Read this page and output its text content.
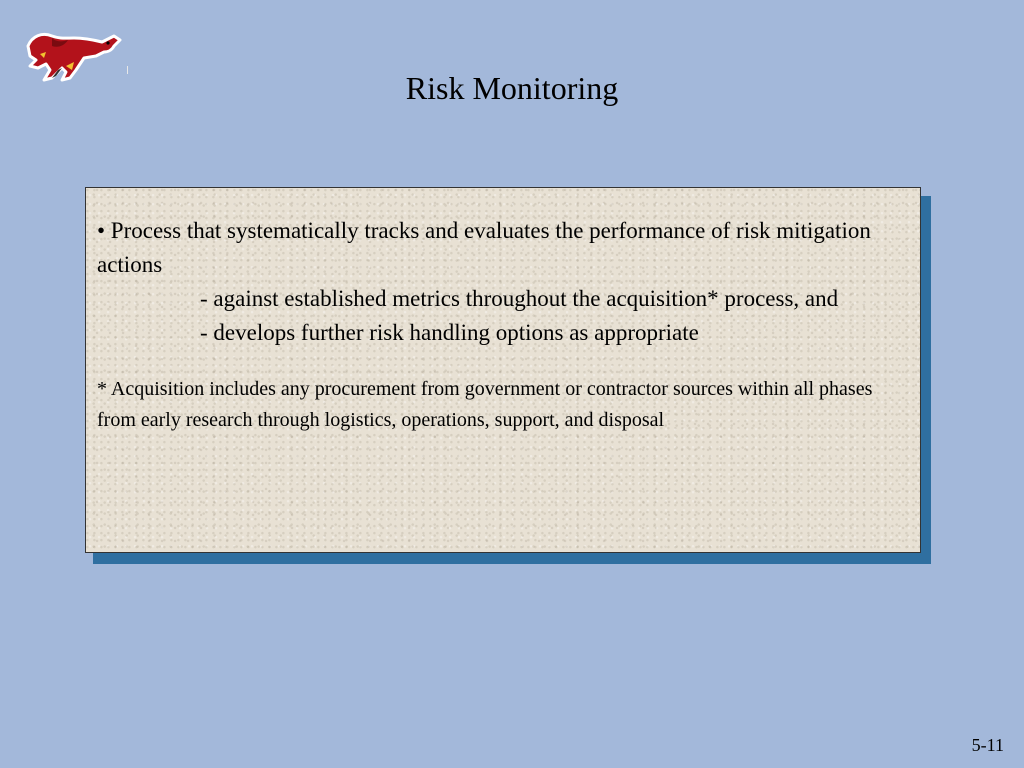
Risk Monitoring

• Process that systematically tracks and evaluates the performance of risk mitigation actions

- against established metrics throughout the acquisition* process, and

- develops further risk handling options as appropriate

* Acquisition includes any procurement from government or contractor sources within all phases from early research through logistics, operations, support, and disposal

5-11
